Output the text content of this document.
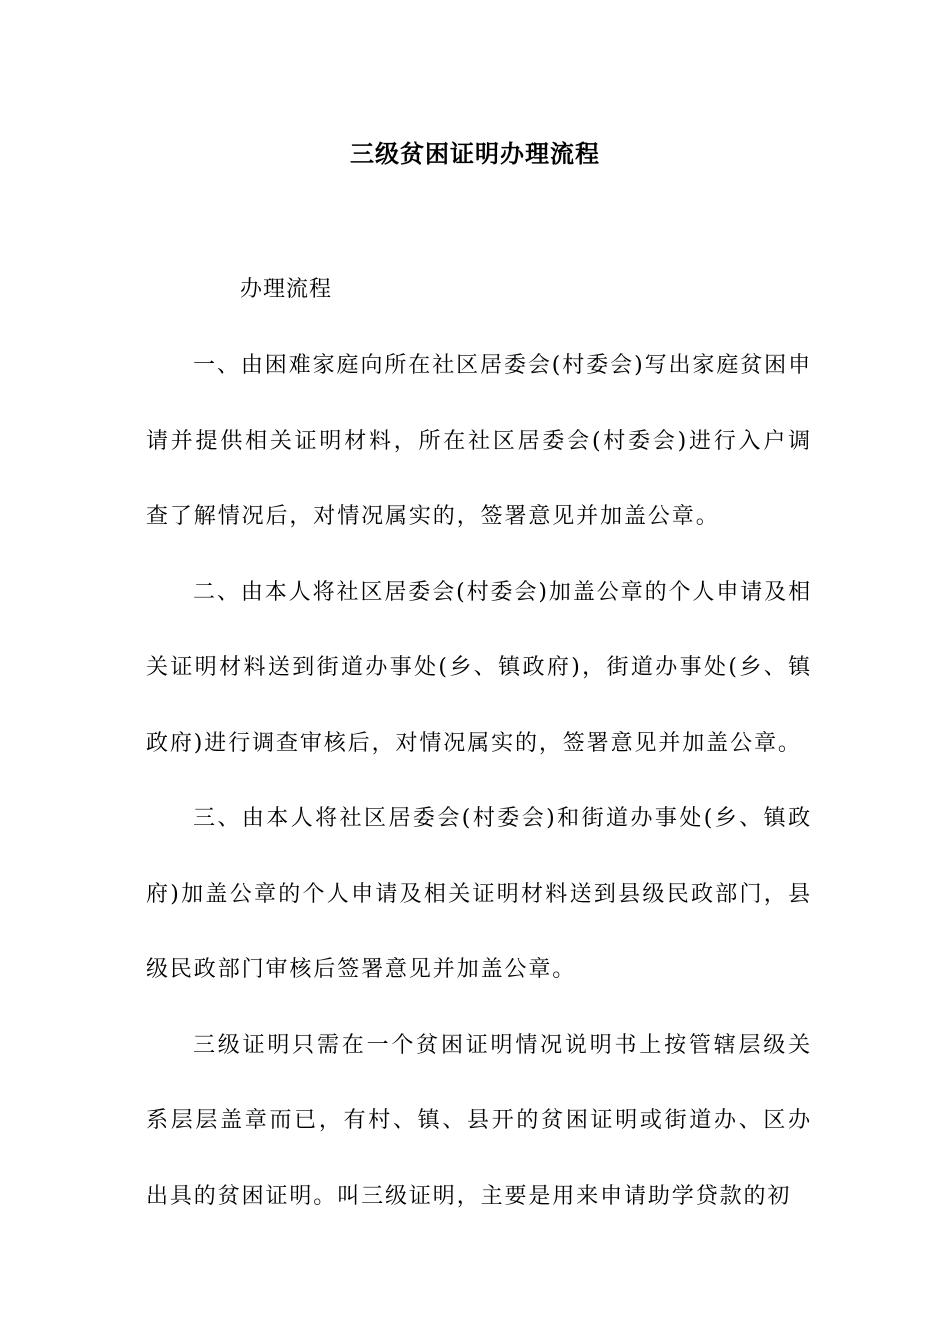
三级贫困证明办理流程

办理流程

一、由困难家庭向所在社区居委会(村委会)写出家庭贫困申请并提供相关证明材料，所在社区居委会(村委会)进行入户调查了解情况后，对情况属实的，签署意见并加盖公章。

二、由本人将社区居委会(村委会)加盖公章的个人申请及相关证明材料送到街道办事处(乡、镇政府)，街道办事处(乡、镇政府)进行调查审核后，对情况属实的，签署意见并加盖公章。

三、由本人将社区居委会(村委会)和街道办事处(乡、镇政府)加盖公章的个人申请及相关证明材料送到县级民政部门，县级民政部门审核后签署意见并加盖公章。

三级证明只需在一个贫困证明情况说明书上按管辖层级关系层层盖章而已，有村、镇、县开的贫困证明或街道办、区办出具的贫困证明。叫三级证明，主要是用来申请助学贷款的初
